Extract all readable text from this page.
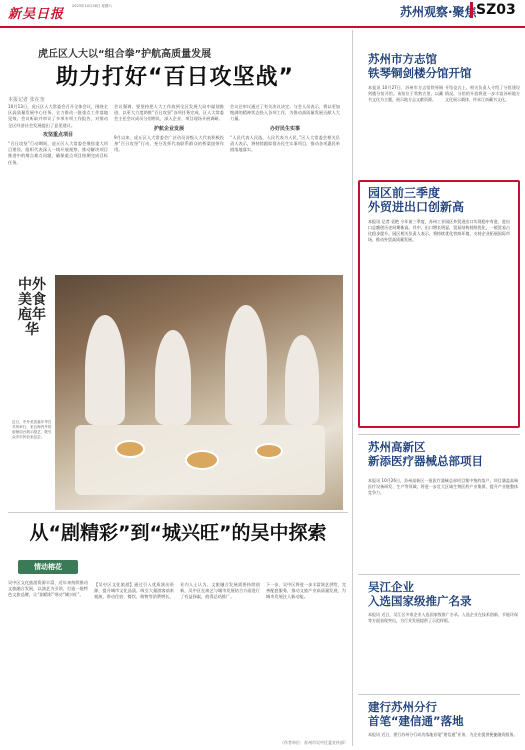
新吴日报
2023年10月28日 星期六	苏州观察·聚焦 SZ03
虎丘区人大以“组合拳”护航高质量发展
助力打好“百日攻坚战”
本报记者 张在奎

10月13日，虎丘区人大常委会召开全体会议，围绕全区高质量发展中心任务，全力推动一批重点工作落地见效。会议听取并审议了多项专项工作报告，对推动全区经济社会发展提出了意见建议。

攻坚重点项目

“百日攻坚”行动期间，虎丘区人大常委会聚焦重大项目建设，组织代表深入一线开展视察，推动解决项目推进中的堵点难点问题，确保重点项目按期完成目标任务。

会议强调，要坚持把人大工作放到全区发展大局中谋划推进，以更大力度助推“百日攻坚”各项任务完成。区人大常委会主任会议成员分别带队，深入企业、项目现场开展调研。

护航企业发展

9月以来，虎丘区人大常委会广泛动员各级人大代表积极投身“百日攻坚”行动，充分发挥代表联系群众的桥梁纽带作用。

会议还审议通过了有关决议决定。与会人员表示，将以更加饱满的精神状态投入各项工作，为推动高质量发展贡献人大力量。

办好民生实事

“人民代表人民选，人民代表为人民。”区人大常委会相关负责人表示，将持续跟踪督办民生实事项目，推动各项惠民举措落地落实。

中外美食庖年华
近日，中外美食嘉年华在苏州举行，来自海内外的厨师同台展示厨艺，吸引众多市民前来品尝。
从“剧精彩”到“城兴旺”的吴中探索
情动榕花
吴中区文化旅游资源丰富，近年来持续推动文旅融合发展，以演艺为引领，打造一批特色文旅品牌，让“剧精彩”带动“城兴旺”。
【吴中区文化旅游】通过引入优质演出资源，提升城市文化品质，吸引大量游客前来观演，带动住宿、餐饮、购物等消费增长。
业内人士认为，文旅融合发展需要持续创新，吴中区在演艺与城市发展结合方面进行了有益探索，值得总结推广。
下一步，吴中区将进一步丰富演艺供给，完善配套服务，推动文旅产业高质量发展，为城市发展注入新动能。
（作者单位：苏州市吴中区委宣传部）
苏州市方志馆
铁琴铜剑楼分馆开馆
本报讯 10月27日，苏州市方志馆铁琴铜剑楼分馆开馆。该馆位于常熟古里，以藏书文化为主题，展示地方志文献资源。
开馆仪式上，相关负责人介绍了分馆建设情况。分馆的开放将进一步丰富苏州地方文化展示载体，传承江南藏书文化。
园区前三季度
外贸进出口创新高
本报讯 记者 袁艳 今年前三季度，苏州工业园区外贸进出口实现稳中有进，进出口总额创历史同期新高。其中，出口增长明显，贸易结构持续优化，一般贸易占比稳步提升。园区相关负责人表示，将持续优化营商环境，支持企业拓展国际市场，推动外贸高质量发展。
苏州高新区
新添医疗器械总部项目
本报讯 10月26日，苏州高新区一批医疗器械总部项目集中签约落户。项目涵盖高端医疗设备研发、生产等领域，将进一步壮大区域生物医药产业集群，提升产业链整体竞争力。
吴江企业
入选国家级推广名录
本报讯 近日，吴江区多家企业入选国家级推广名录。入选企业在技术创新、节能环保等方面表现突出，为行业发展提供了示范样板。
建行苏州分行
首笔“建信通”落地
本报讯 近日，建行苏州分行成功落地首笔“建信通”业务，为企业提供便捷融资服务。
